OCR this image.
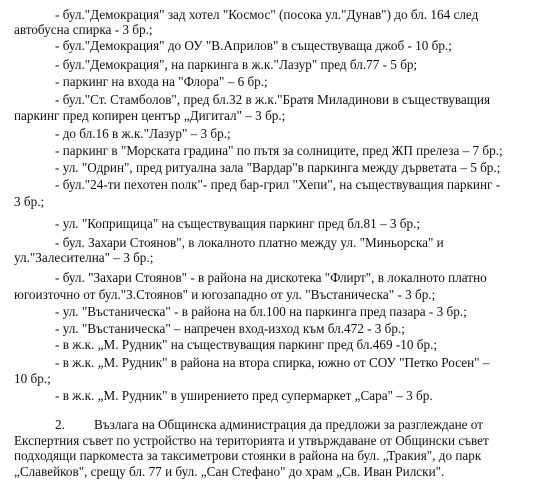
- бул."Демокрация" зад хотел "Космос" (посока ул."Дунав") до бл. 164 след
автобусна спирка - 3 бр.;
- бул."Демокрация" до ОУ "В.Априлов" в съществуваща джоб - 10 бр.;
- бул."Демокрация", на паркинга в ж.к."Лазур" пред бл.77 - 5 бр;
- паркинг на входа на "Флора" – 6 бр.;
- бул."Ст. Стамболов", пред бл.32 в ж.к."Братя Миладинови в съществуващия
паркинг пред копирен център „Дигитал" – 3 бр.;
- до бл.16 в ж.к."Лазур" – 3 бр.;
- паркинг в "Морската градина" по пътя за солниците, пред ЖП прелеза – 7 бр.;
- ул. "Одрин", пред ритуална зала "Вардар"в паркинга между дърветата – 5 бр.;
- бул."24-ти пехотен полк"- пред бар-грил "Хепи", на съществуващия паркинг -
3 бр.;
- ул. "Коприщица" на съществуващия паркинг пред бл.81 – 3 бр.;
- бул. Захари Стоянов", в локалното платно между ул. "Миньорска" и
ул."Залесителна" – 3 бр.;
- бул. "Захари Стоянов" - в района на дискотека "Флирт", в локалното платно
югоизточно от бул."З.Стоянов" и югозападно от ул. "Въстаническа" - 3 бр.;
- ул. "Въстаническа" - в района на бл.100 на паркинга пред пазара - 3 бр.;
- ул. "Въстаническа" – напречен вход-изход към бл.472 - 3 бр.;
- в ж.к. „М. Рудник" на съществуващия паркинг пред бл.469 -10 бр.;
- в ж.к. „М. Рудник" в района на втора спирка, южно от СОУ "Петко Росен" –
10 бр.;
- в ж.к. „М. Рудник" в уширението пред супермаркет „Сара" – 3 бр.
2. Възлага на Общинска администрация да предложи за разглеждане от
Експертния съвет по устройство на територията и утвърждаване от Общински съвет
подходящи паркоместа за таксиметрови стоянки в района на бул. „Тракия", до парк
„Славейков", срещу бл. 77 и бул. „Сан Стефано" до храм „Св. Иван Рилски".
